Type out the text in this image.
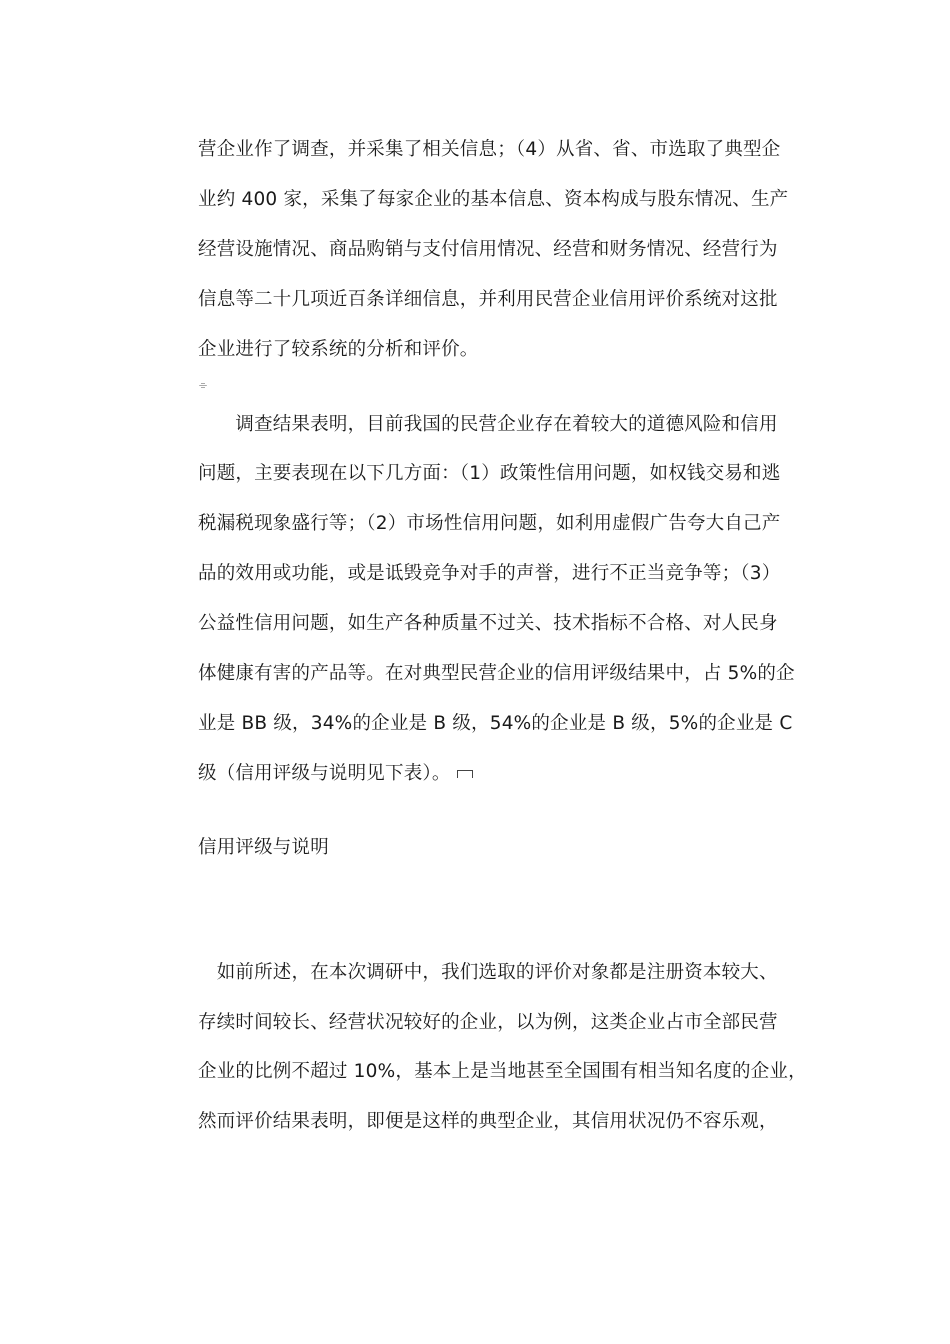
营企业作了调查，并采集了相关信息；（4）从省、省、市选取了典型企
业约 400 家，采集了每家企业的基本信息、资本构成与股东情况、生产
经营设施情况、商品购销与支付信用情况、经营和财务情况、经营行为
信息等二十几项近百条详细信息，并利用民营企业信用评价系统对这批
企业进行了较系统的分析和评价。
⌯
　　调查结果表明，目前我国的民营企业存在着较大的道德风险和信用
问题，主要表现在以下几方面：（1）政策性信用问题，如权钱交易和逃
税漏税现象盛行等；（2）市场性信用问题，如利用虚假广告夸大自己产
品的效用或功能，或是诋毁竞争对手的声誉，进行不正当竞争等；（3）
公益性信用问题，如生产各种质量不过关、技术指标不合格、对人民身
体健康有害的产品等。在对典型民营企业的信用评级结果中，占 5%的企
业是 BB 级，34%的企业是 B 级，54%的企业是 B 级，5%的企业是 C
级（信用评级与说明见下表）。
信用评级与说明
　如前所述，在本次调研中，我们选取的评价对象都是注册资本较大、
存续时间较长、经营状况较好的企业，以为例，这类企业占市全部民营
企业的比例不超过 10%，基本上是当地甚至全国围有相当知名度的企业，
然而评价结果表明，即便是这样的典型企业，其信用状况仍不容乐观，
